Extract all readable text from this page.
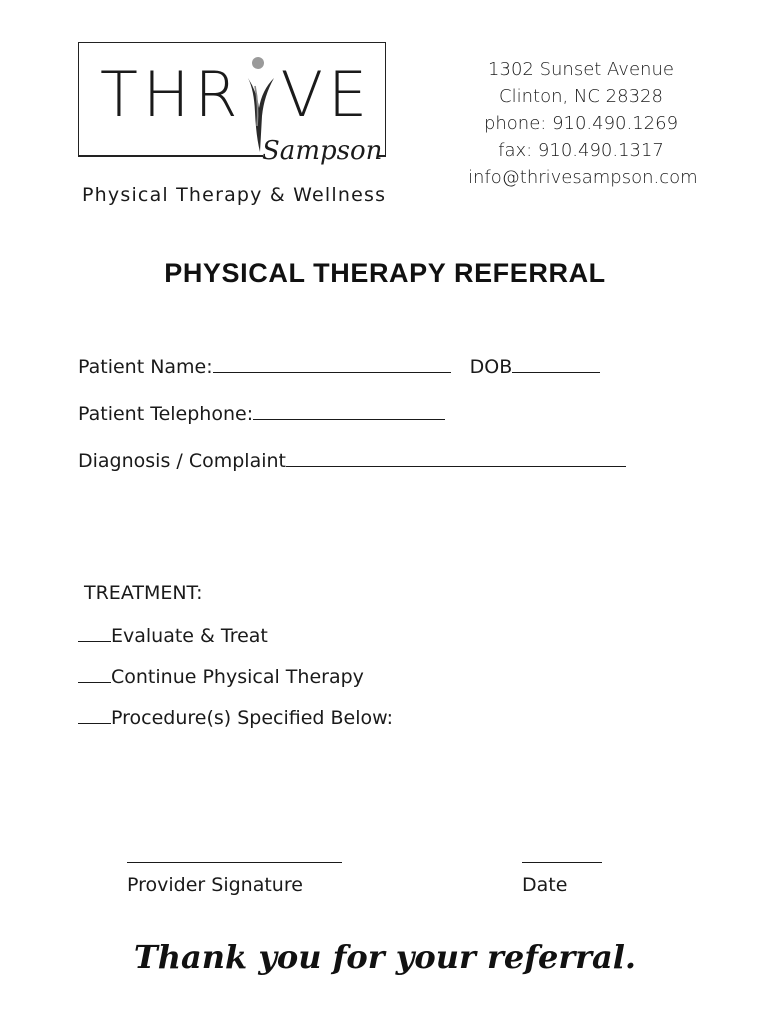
THR VE
Sampson
Physical Therapy & Wellness
1302 Sunset Avenue
Clinton, NC 28328
phone: 910.490.1269
fax: 910.490.1317
info@thrivesampson.com
PHYSICAL THERAPY REFERRAL
Patient Name:	DOB
Patient Telephone:
Diagnosis / Complaint
TREATMENT:
Evaluate & Treat
Continue Physical Therapy
Procedure(s) Specified Below:
Provider Signature	Date
Thank you for your referral.
